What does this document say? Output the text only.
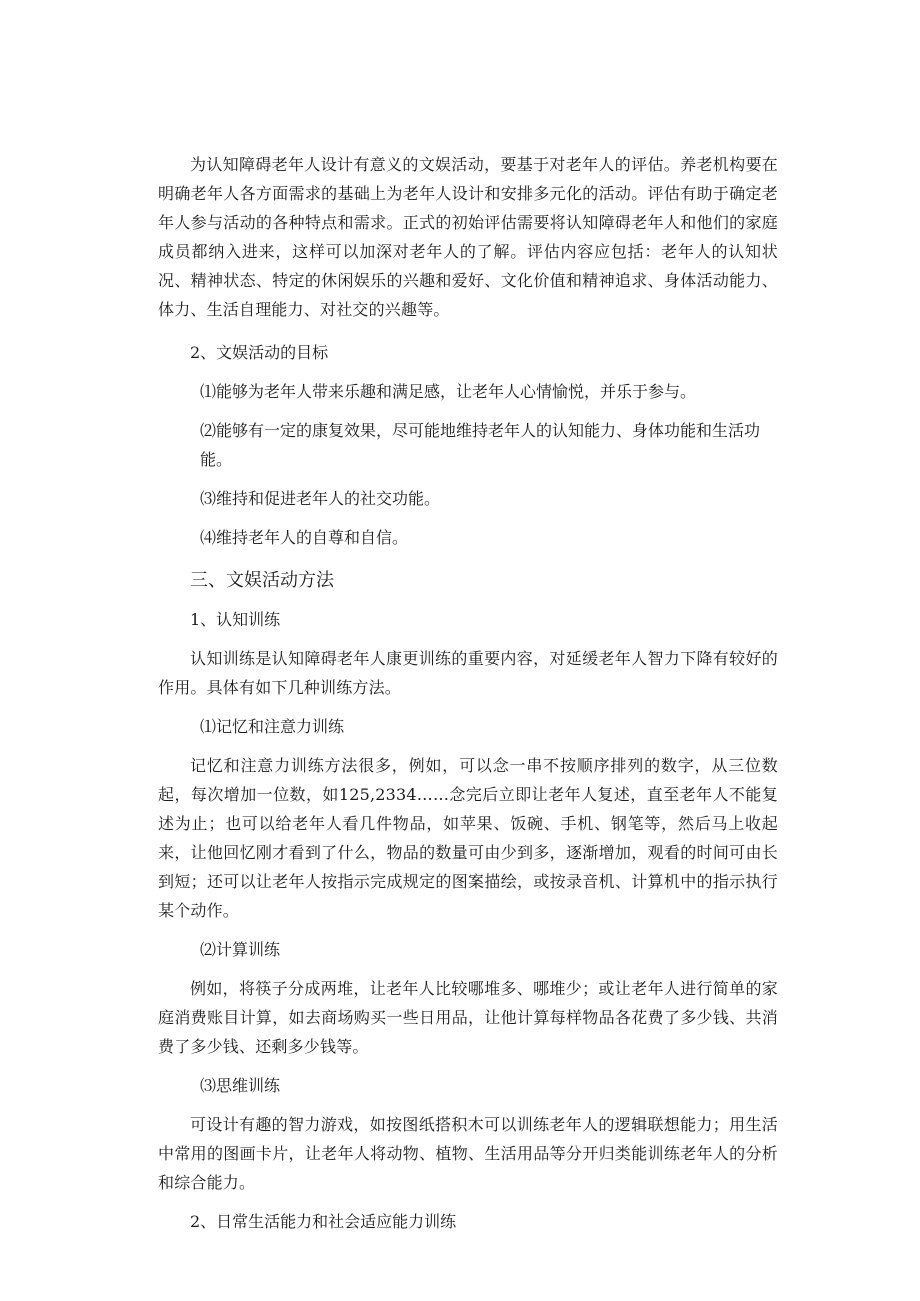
为认知障碍老年人设计有意义的文娱活动，要基于对老年人的评估。养老机构要在明确老年人各方面需求的基础上为老年人设计和安排多元化的活动。评估有助于确定老年人参与活动的各种特点和需求。正式的初始评估需要将认知障碍老年人和他们的家庭成员都纳入进来，这样可以加深对老年人的了解。评估内容应包括：老年人的认知状况、精神状态、特定的休闲娱乐的兴趣和爱好、文化价值和精神追求、身体活动能力、体力、生活自理能力、对社交的兴趣等。

2、文娱活动的目标

⑴能够为老年人带来乐趣和满足感，让老年人心情愉悦，并乐于参与。

⑵能够有一定的康复效果，尽可能地维持老年人的认知能力、身体功能和生活功能。

⑶维持和促进老年人的社交功能。

⑷维持老年人的自尊和自信。

三、文娱活动方法

1、认知训练

认知训练是认知障碍老年人康更训练的重要内容，对延缓老年人智力下降有较好的作用。具体有如下几种训练方法。

⑴记忆和注意力训练

记忆和注意力训练方法很多，例如，可以念一串不按顺序排列的数字，从三位数起，每次增加一位数，如125,2334……念完后立即让老年人复述，直至老年人不能复述为止；也可以给老年人看几件物品，如苹果、饭碗、手机、钢笔等，然后马上收起来，让他回忆刚才看到了什么，物品的数量可由少到多，逐渐增加，观看的时间可由长到短；还可以让老年人按指示完成规定的图案描绘，或按录音机、计算机中的指示执行某个动作。

⑵计算训练

例如，将筷子分成两堆，让老年人比较哪堆多、哪堆少；或让老年人进行简单的家庭消费账目计算，如去商场购买一些日用品，让他计算每样物品各花费了多少钱、共消费了多少钱、还剩多少钱等。

⑶思维训练

可设计有趣的智力游戏，如按图纸搭积木可以训练老年人的逻辑联想能力；用生活中常用的图画卡片，让老年人将动物、植物、生活用品等分开归类能训练老年人的分析和综合能力。

2、日常生活能力和社会适应能力训练
